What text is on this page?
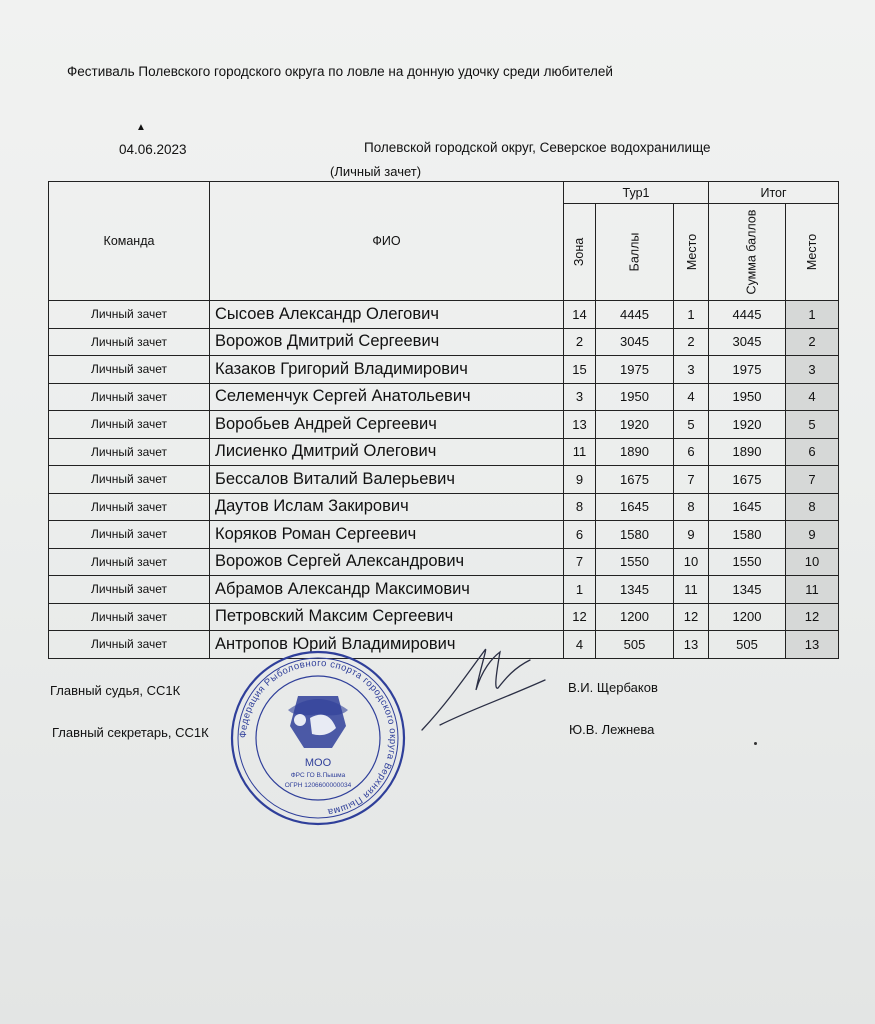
Фестиваль Полевского городского округа по ловле на донную удочку среди любителей
▲
04.06.2023	Полевской городской округ, Северское водохранилище
(Личный зачет)
Команда	ФИО	Тур1			Итог	
		Зона	Баллы	Место	Сумма баллов	Место
Личный зачет	Сысоев Александр Олегович	14	4445	1	4445	1
Личный зачет	Ворожов Дмитрий Сергеевич	2	3045	2	3045	2
Личный зачет	Казаков Григорий Владимирович	15	1975	3	1975	3
Личный зачет	Селеменчук Сергей Анатольевич	3	1950	4	1950	4
Личный зачет	Воробьев Андрей Сергеевич	13	1920	5	1920	5
Личный зачет	Лисиенко Дмитрий Олегович	11	1890	6	1890	6
Личный зачет	Бессалов Виталий Валерьевич	9	1675	7	1675	7
Личный зачет	Даутов Ислам Закирович	8	1645	8	1645	8
Личный зачет	Коряков Роман Сергеевич	6	1580	9	1580	9
Личный зачет	Ворожов Сергей Александрович	7	1550	10	1550	10
Личный зачет	Абрамов Александр Максимович	1	1345	11	1345	11
Личный зачет	Петровский Максим Сергеевич	12	1200	12	1200	12
Личный зачет	Антропов Юрий Владимирович	4	505	13	505	13
Главный судья, СС1К	В.И. Щербаков
Главный секретарь, СС1К	Ю.В. Лежнева
Федерация Рыболовного спорта городского округа Верхняя Пышма
МОО
ФРС ГО В.Пышма
ОГРН 1206600000034
